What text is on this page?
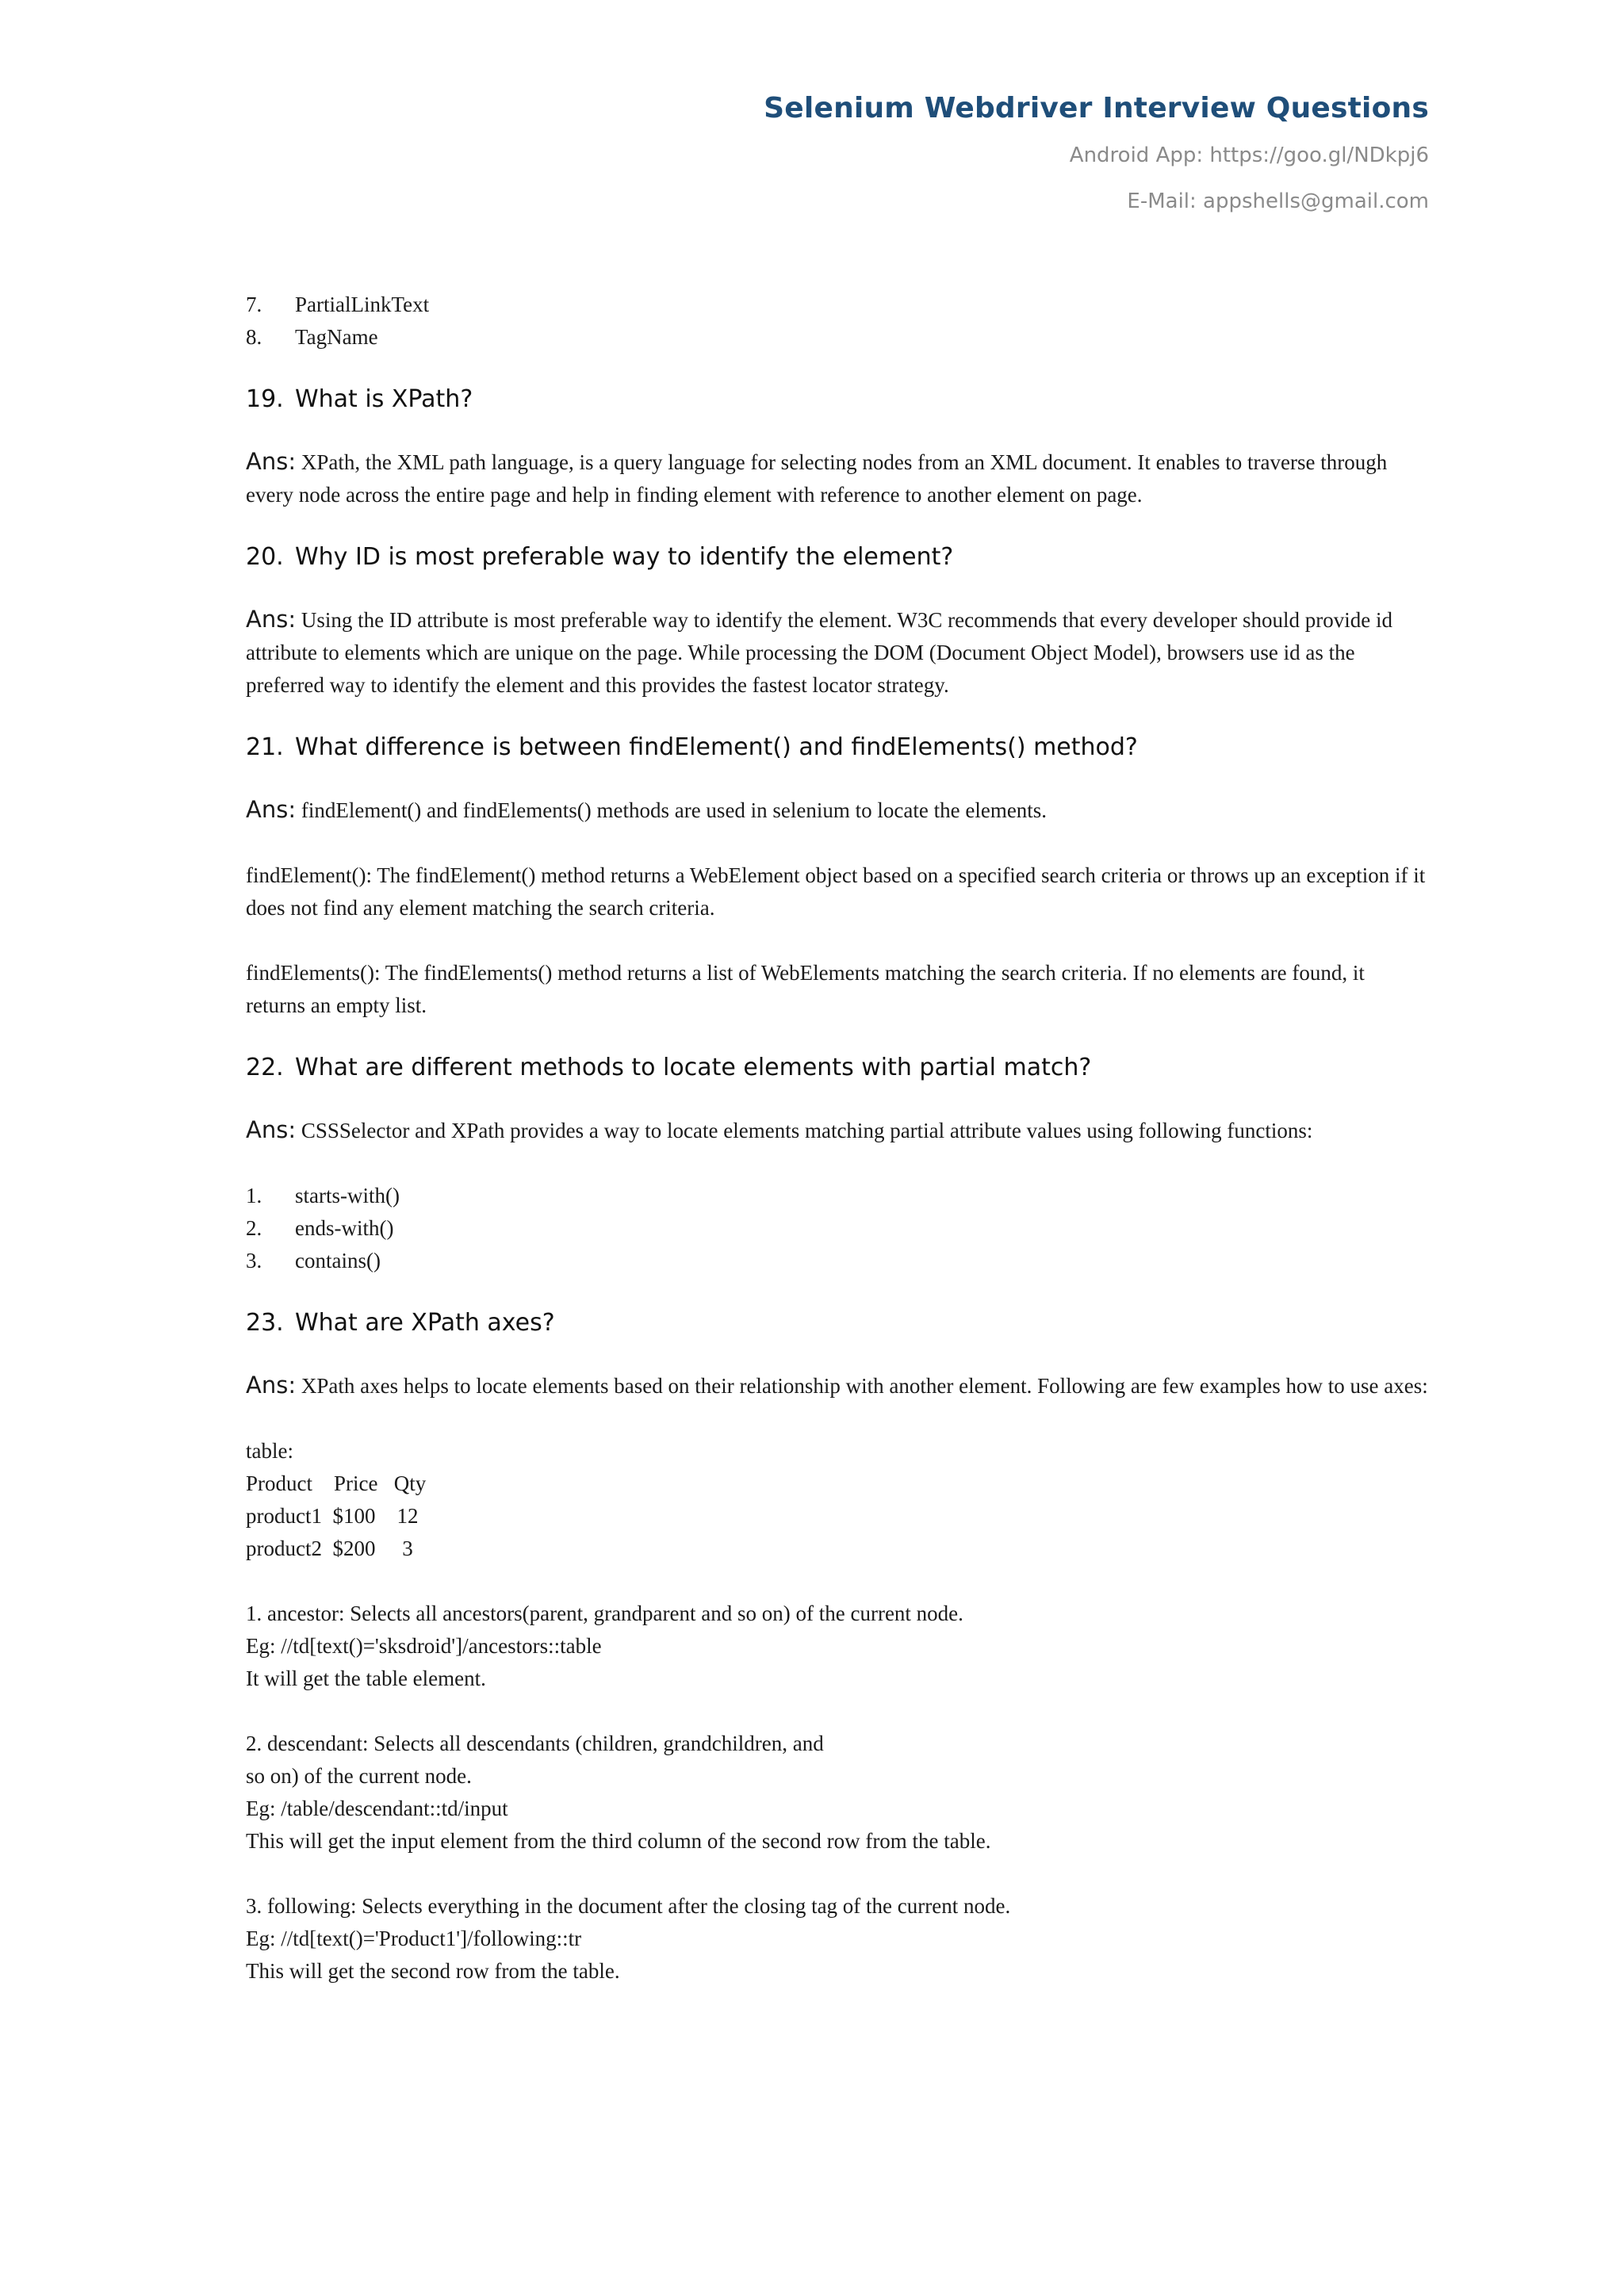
Selenium Webdriver Interview Questions
Android App: https://goo.gl/NDkpj6
E-Mail: appshells@gmail.com
7.	PartialLinkText
8.	TagName
19. What is XPath?

Ans: XPath, the XML path language, is a query language for selecting nodes from an XML document. It enables to traverse through every node across the entire page and help in finding element with reference to another element on page.

20. Why ID is most preferable way to identify the element?

Ans: Using the ID attribute is most preferable way to identify the element. W3C recommends that every developer should provide id attribute to elements which are unique on the page. While processing the DOM (Document Object Model), browsers use id as the preferred way to identify the element and this provides the fastest locator strategy.

21. What difference is between findElement() and findElements() method?

Ans: findElement() and findElements() methods are used in selenium to locate the elements.

findElement(): The findElement() method returns a WebElement object based on a specified search criteria or throws up an exception if it does not find any element matching the search criteria.

findElements(): The findElements() method returns a list of WebElements matching the search criteria. If no elements are found, it returns an empty list.

22. What are different methods to locate elements with partial match?

Ans: CSSSelector and XPath provides a way to locate elements matching partial attribute values using following functions:

1.	starts-with()
2.	ends-with()
3.	contains()
23. What are XPath axes?

Ans: XPath axes helps to locate elements based on their relationship with another element. Following are few examples how to use axes:

table:

Product    Price   Qty

product1  $100    12

product2  $200     3

1. ancestor: Selects all ancestors(parent, grandparent and so on) of the current node.

Eg: //td[text()='sksdroid']/ancestors::table

It will get the table element.

2. descendant: Selects all descendants (children, grandchildren, and

so on) of the current node.

Eg: /table/descendant::td/input

This will get the input element from the third column of the second row from the table.

3. following: Selects everything in the document after the closing tag of the current node.

Eg: //td[text()='Product1']/following::tr

This will get the second row from the table.
